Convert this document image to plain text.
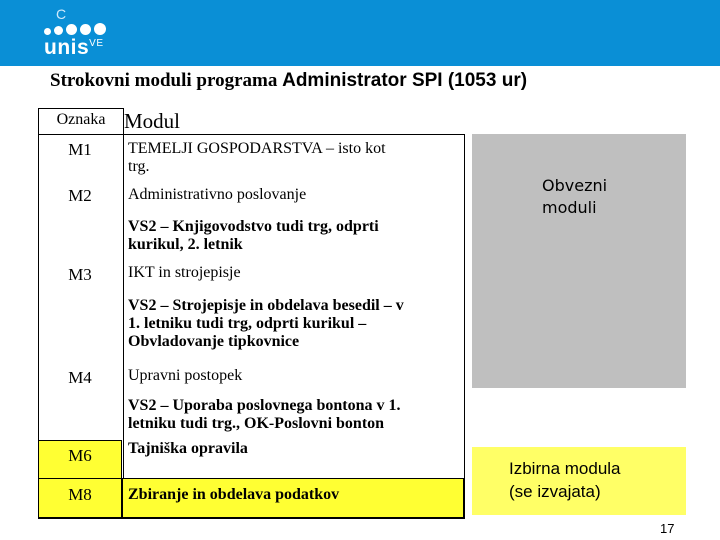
C
unis$^{VE}$
Strokovni moduli programa Administrator SPI (1053 ur)
Oznaka Modul
M1	TEMELJI GOSPODARSTVA – isto kot
trg.
M2	Administrativno poslovanje
VS2 – Knjigovodstvo tudi trg, odprti
kurikul, 2. letnik
M3	IKT in strojepisje
VS2 – Strojepisje in obdelava besedil – v
1. letniku tudi trg, odprti kurikul –
Obvladovanje tipkovnice
M4	Upravni postopek
VS2 – Uporaba poslovnega bontona v 1.
letniku tudi trg., OK-Poslovni bonton
M6	Tajniška opravila
M8	Zbiranje in obdelava podatkov
Obvezni
moduli
Izbirna modula
(se izvajata)
17
